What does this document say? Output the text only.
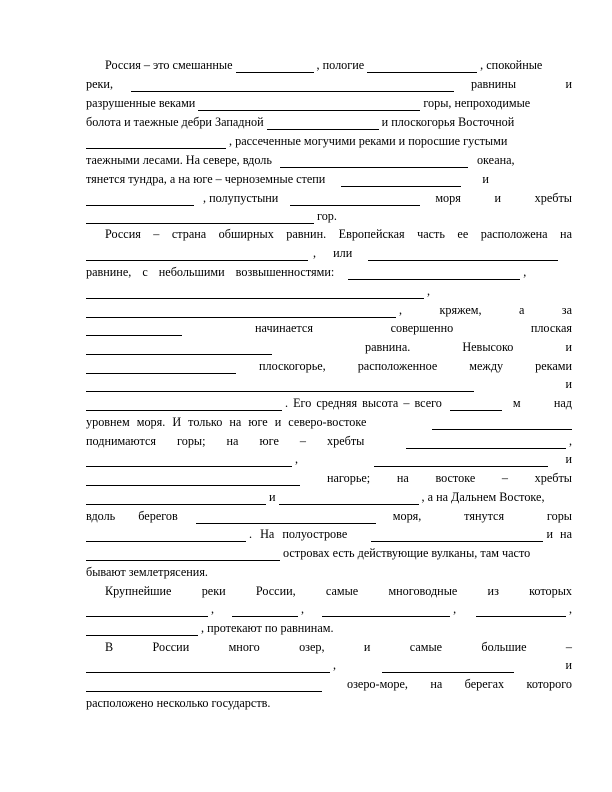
Россия – это смешанные	, пологие	, спокойные
реки,	равнины и
разрушенные веками	горы, непроходимые
болота и таежные дебри Западной	и плоскогорья Восточной
, рассеченные могучими реками и поросшие густыми
таежными лесами. На севере, вдоль	океана,
тянется тундра, а на юге – черноземные степи	и
, полупустыни	моря и хребты
гор.
Россия – страна обширных равнин. Европейская часть ее расположена на
, или
равнине, с небольшими возвышенностями:	,
,
, кряжем, а за
начинается совершенно плоская
равнина. Невысоко и
плоскогорье, расположенное между реками
и
. Его средняя высота – всего	м над
уровнем моря. И только на юге и северо-востоке
поднимаются горы; на юге – хребты	,
,	и
нагорье; на востоке – хребты
и	, а на Дальнем Востоке,
вдоль берегов	моря, тянутся горы
. На полуострове	и на
островах есть действующие вулканы, там часто
бывают землетрясения.
Крупнейшие реки России, самые многоводные из которых
,	,	,	,
, протекают по равнинам.
В России много озер, и самые большие –
,	и
озеро-море, на берегах которого
расположено несколько государств.
